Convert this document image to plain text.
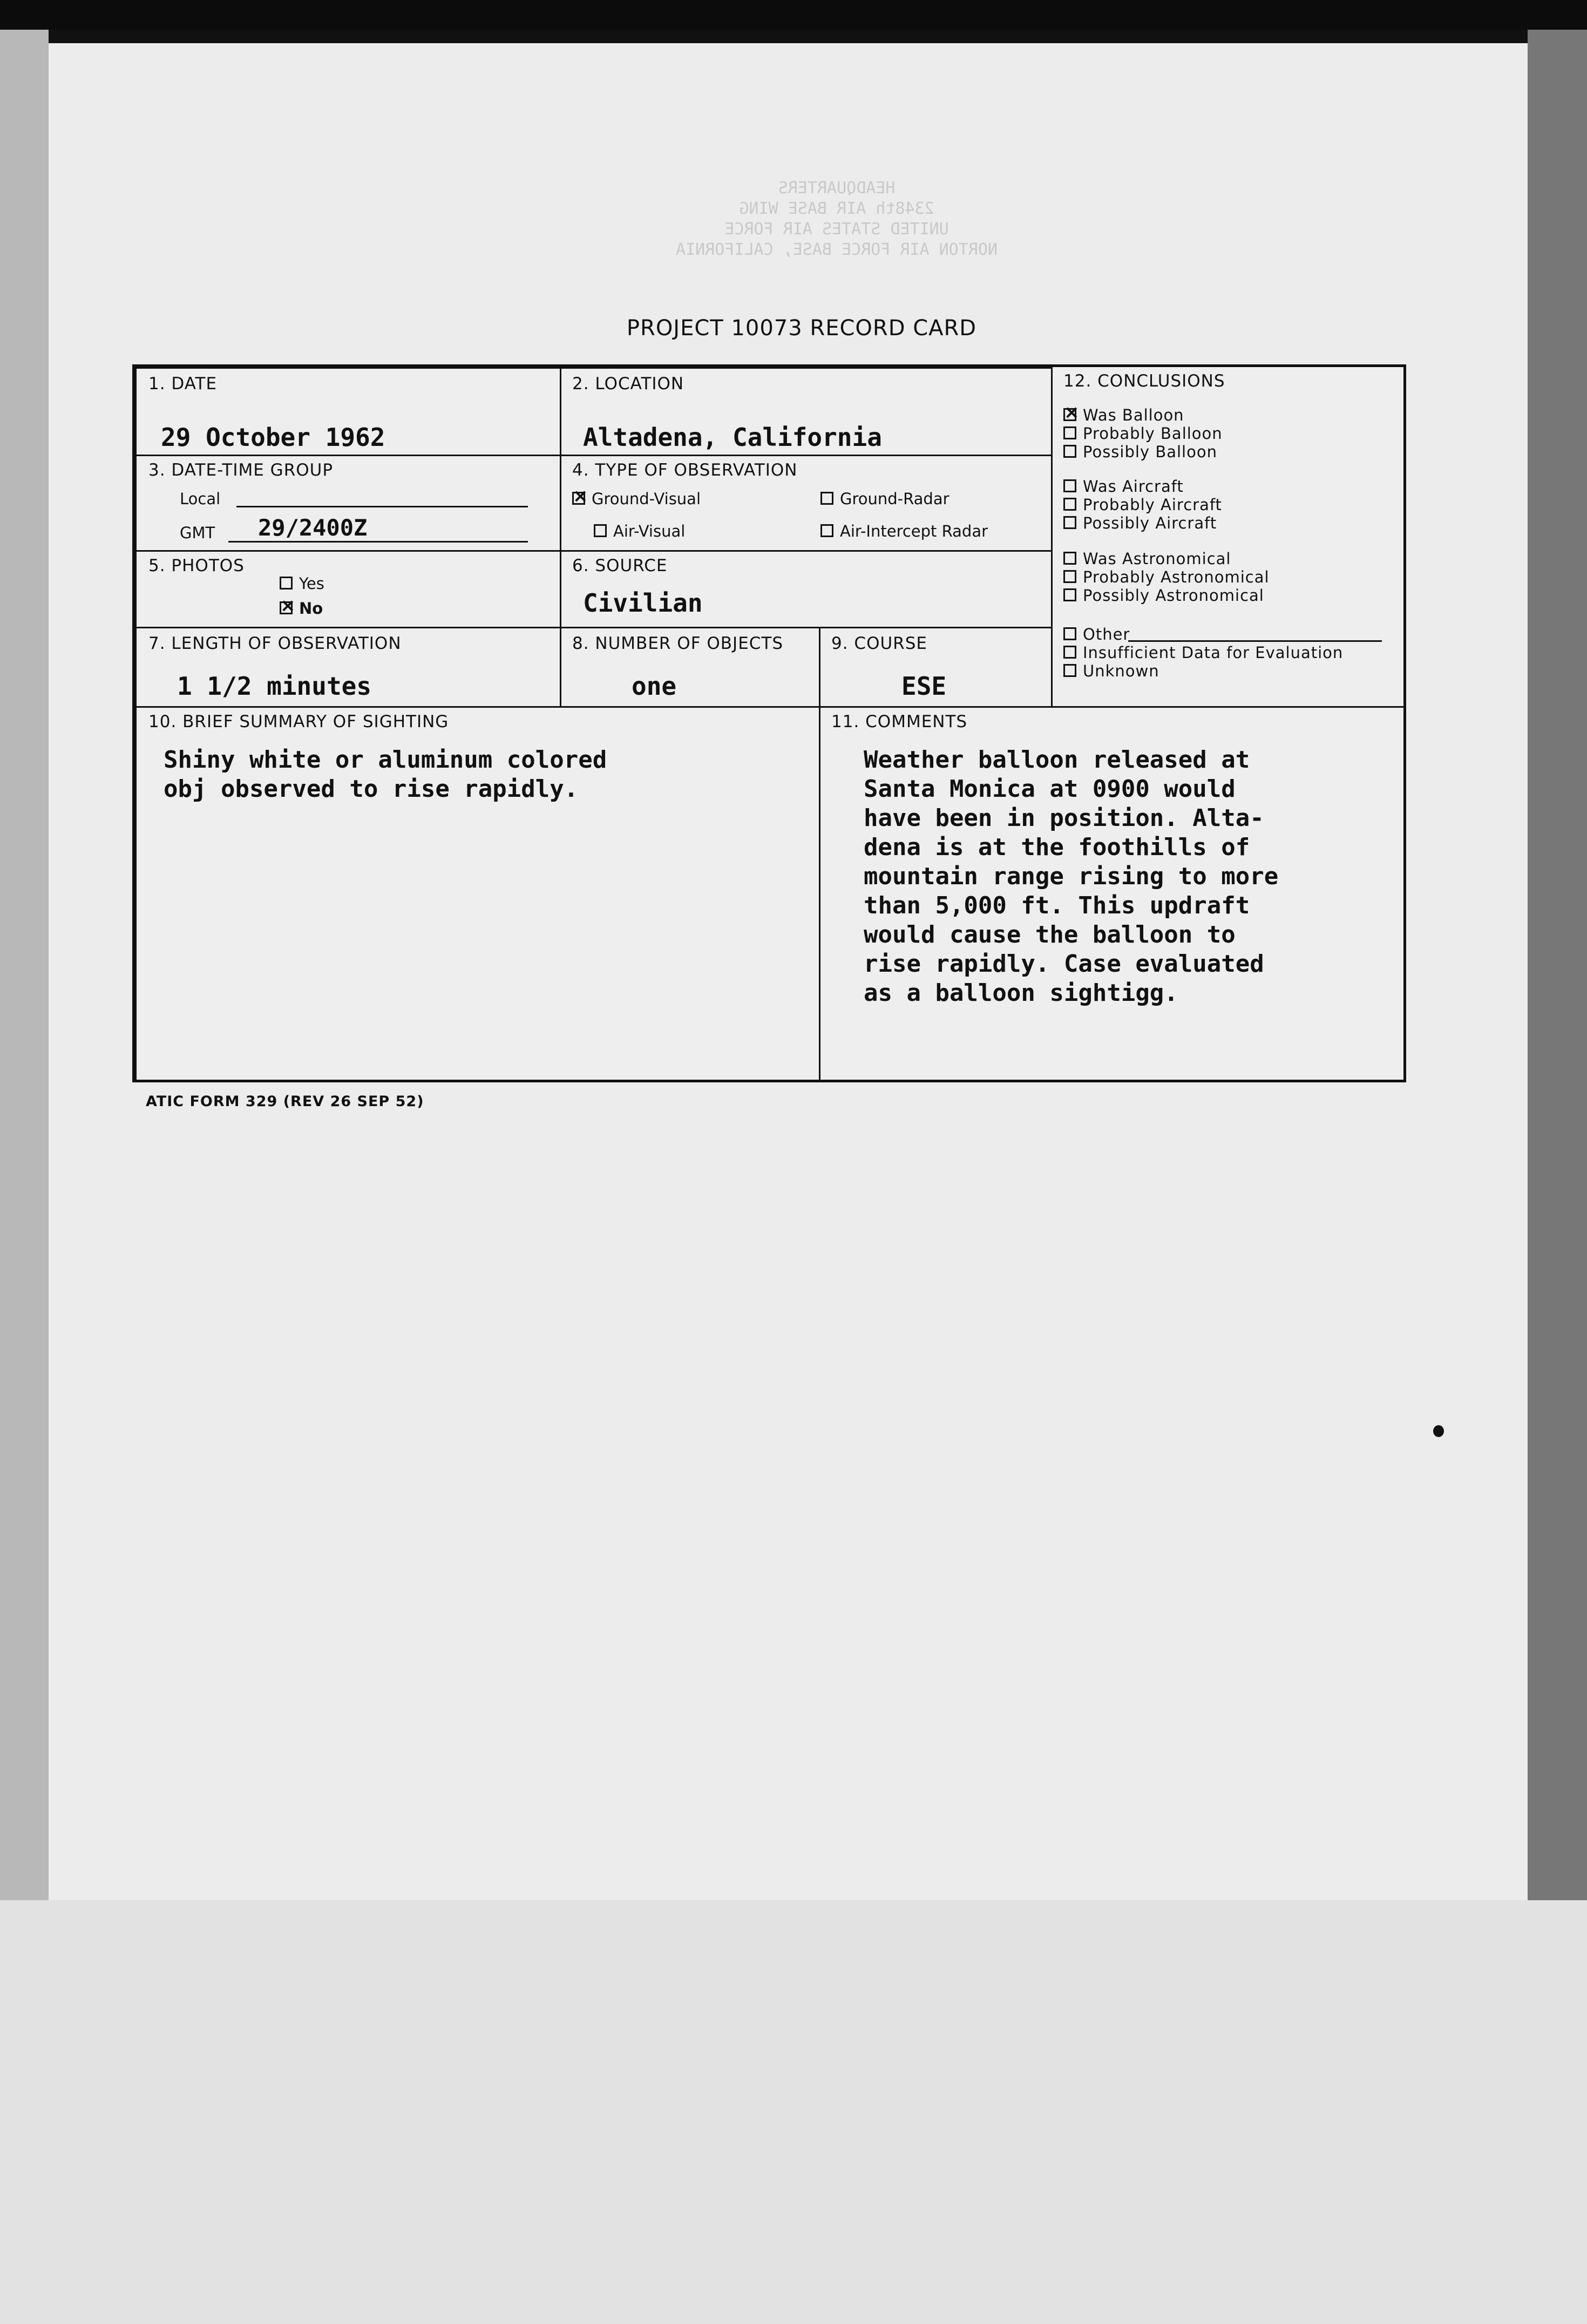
HEADQUARTERS
2348th AIR BASE WING
UNITED STATES AIR FORCE
NORTON AIR FORCE BASE, CALIFORNIA
PROJECT 10073 RECORD CARD
1. DATE
29 October 1962
2. LOCATION
Altadena, California
3. DATE-TIME GROUP
Local
GMT 29/2400Z
4. TYPE OF OBSERVATION
×Ground-Visual	Ground-Radar
Air-Visual	Air-Intercept Radar
5. PHOTOS
Yes
×No
6. SOURCE
Civilian
7. LENGTH OF OBSERVATION
1 1/2 minutes
8. NUMBER OF OBJECTS
one
9. COURSE
ESE
10. BRIEF SUMMARY OF SIGHTING
Shiny white or aluminum colored
obj observed to rise rapidly.
11. COMMENTS
Weather balloon released at
Santa Monica at 0900 would
have been in position. Alta-
dena is at the foothills of
mountain range rising to more
than 5,000 ft. This updraft
would cause the balloon to
rise rapidly. Case evaluated
as a balloon sightigg.
12. CONCLUSIONS
×Was Balloon
Probably Balloon
Possibly Balloon
Was Aircraft
Probably Aircraft
Possibly Aircraft
Was Astronomical
Probably Astronomical
Possibly Astronomical
Other
Insufficient Data for Evaluation
Unknown
ATIC FORM 329 (REV 26 SEP 52)
